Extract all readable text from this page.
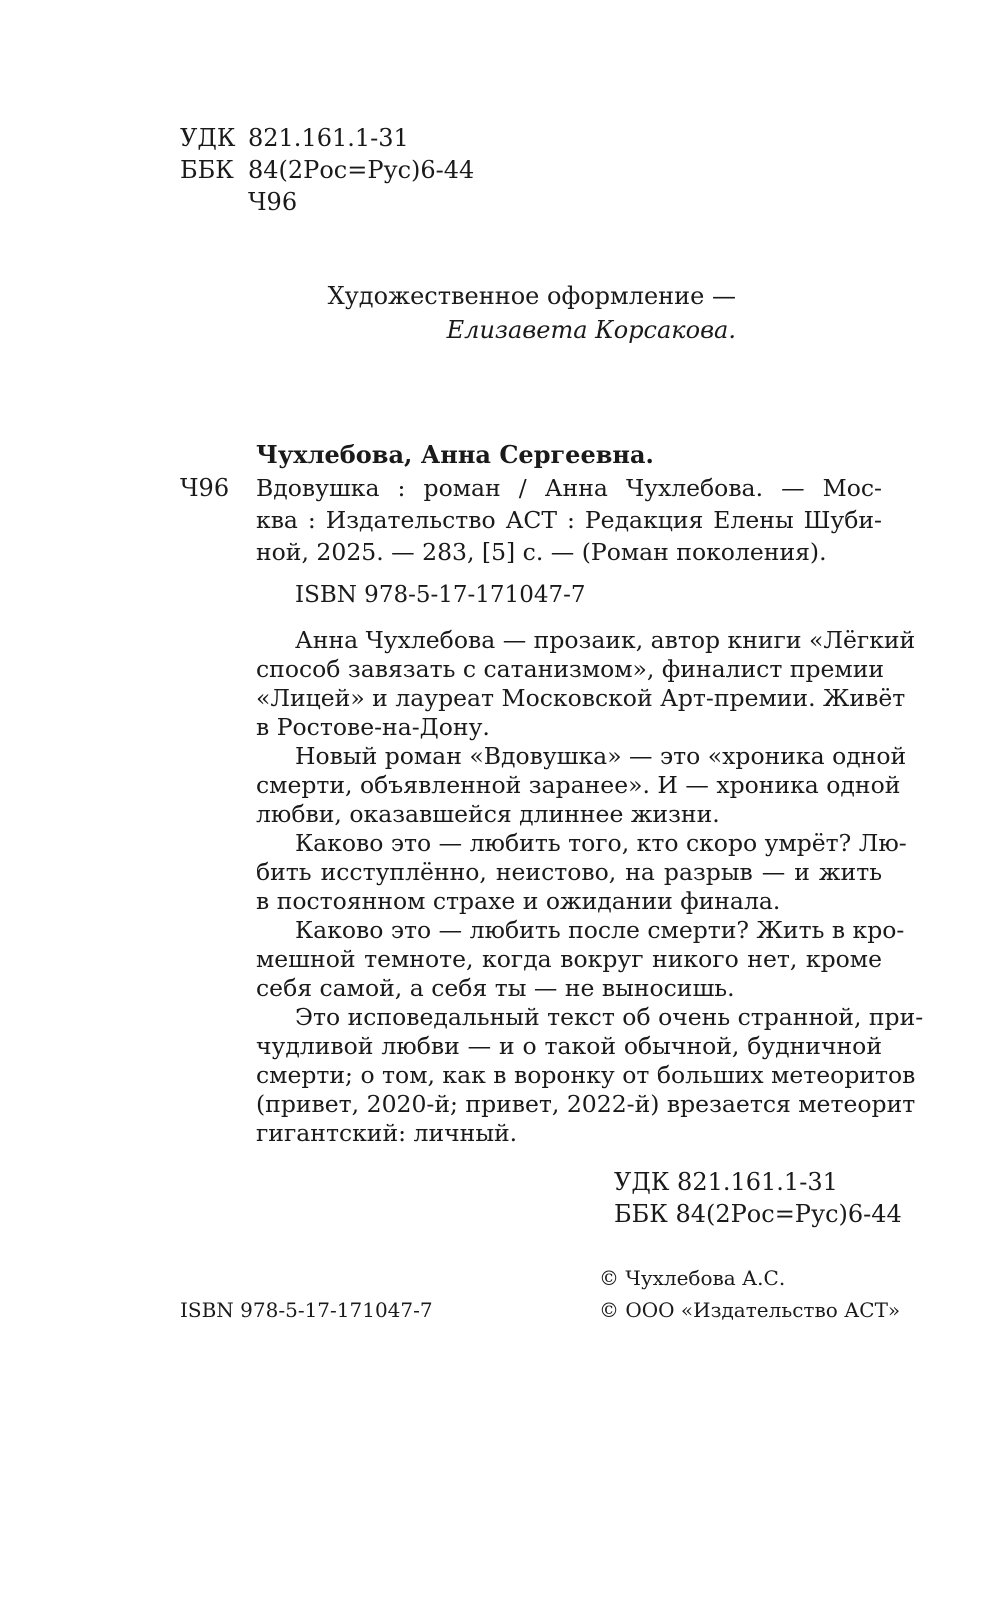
УДК 821.161.1-31
ББК 84(2Рос=Рус)6-44
Ч96
Художественное оформление —
Елизавета Корсакова.
Чухлебова, Анна Сергеевна.
Ч96 Вдовушка : роман / Анна Чухлебова. — Мос-
ква : Издательство АСТ : Редакция Елены Шуби-
ной, 2025. — 283, [5] с. — (Роман поколения).
ISBN 978-5-17-171047-7
Анна Чухлебова — прозаик, автор книги «Лёгкий
способ завязать с сатанизмом», финалист премии
«Лицей» и лауреат Московской Арт-премии. Живёт
в Ростове-на-Дону.
Новый роман «Вдовушка» — это «хроника одной
смерти, объявленной заранее». И — хроника одной
любви, оказавшейся длиннее жизни.
Каково это — любить того, кто скоро умрёт? Лю-
бить исступлённо, неистово, на разрыв — и жить
в постоянном страхе и ожидании финала.
Каково это — любить после смерти? Жить в кро-
мешной темноте, когда вокруг никого нет, кроме
себя самой, а себя ты — не выносишь.
Это исповедальный текст об очень странной, при-
чудливой любви — и о такой обычной, будничной
смерти; о том, как в воронку от больших метеоритов
(привет, 2020-й; привет, 2022-й) врезается метеорит
гигантский: личный.
УДК 821.161.1-31
ББК 84(2Рос=Рус)6-44
© Чухлебова А.С.
© ООО «Издательство АСТ»
ISBN 978-5-17-171047-7
